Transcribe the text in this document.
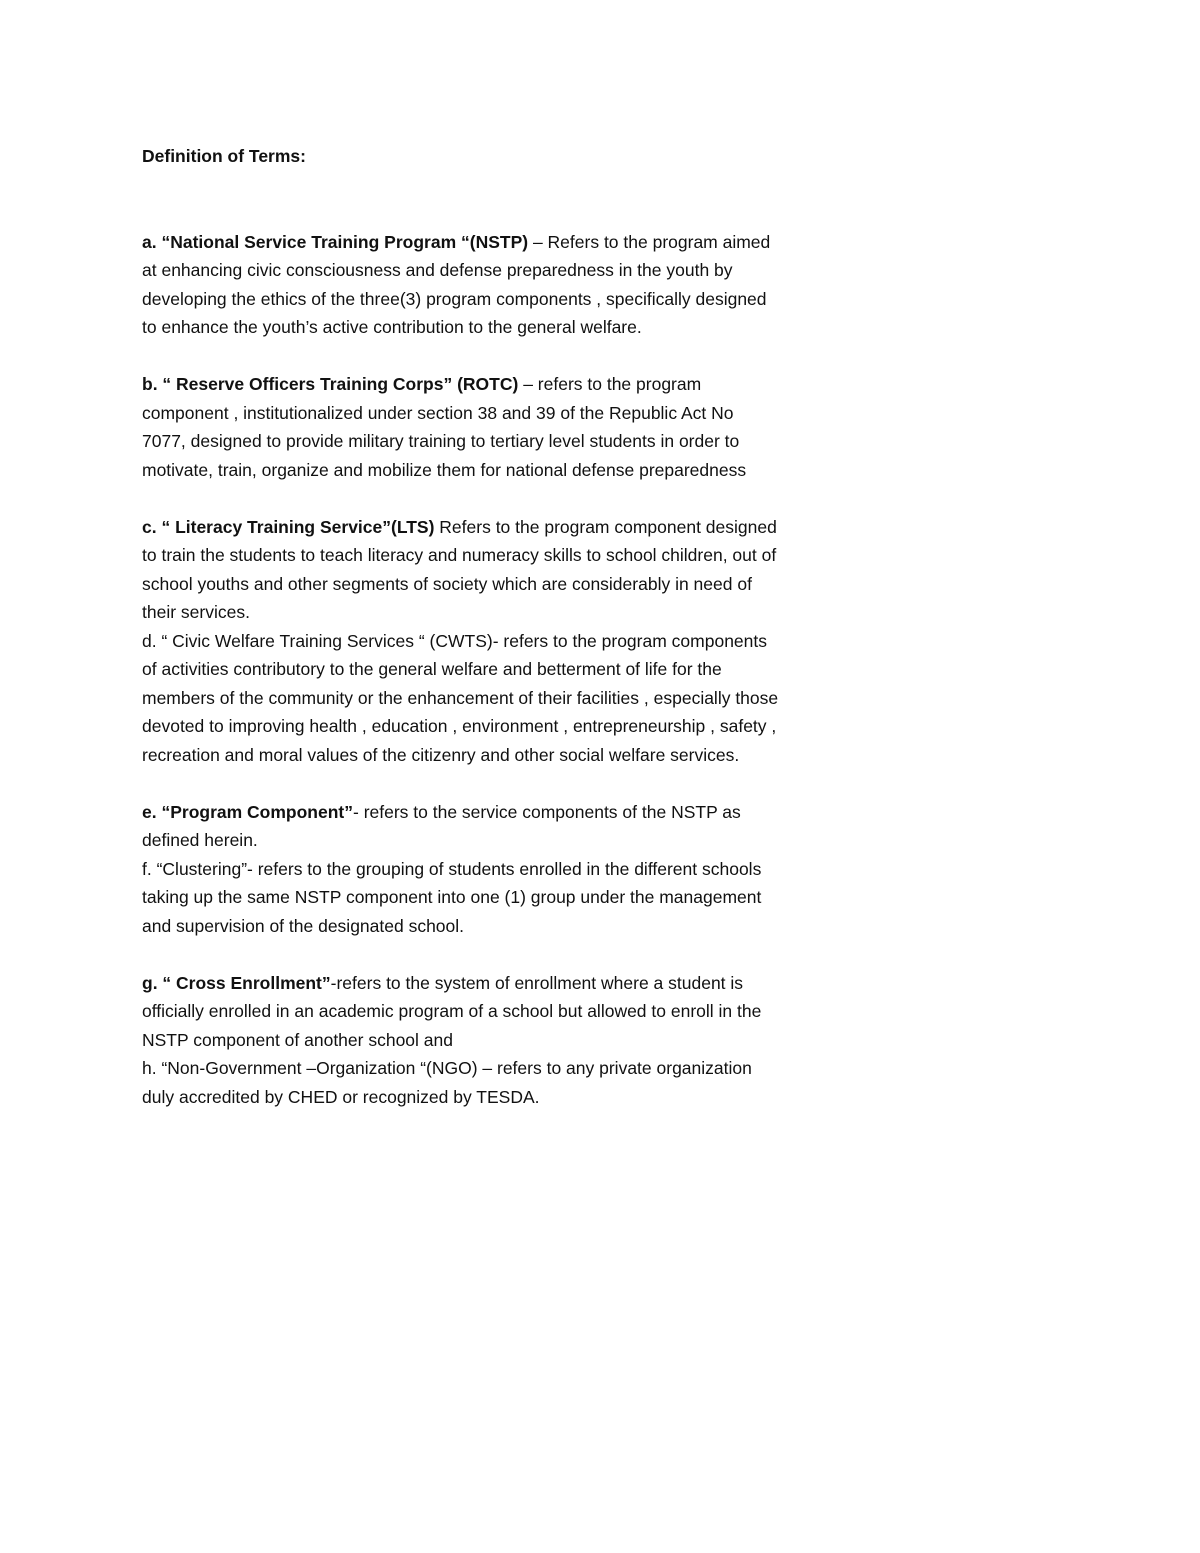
Definition of Terms:

a. “National Service Training Program “(NSTP) – Refers to the program aimed at enhancing civic consciousness and defense preparedness in the youth by developing the ethics of the three(3) program components , specifically designed to enhance the youth’s active contribution to the general welfare.

b. “ Reserve Officers Training Corps” (ROTC) – refers to the program component , institutionalized under section 38 and 39 of the Republic Act No 7077, designed to provide military training to tertiary level students in order to motivate, train, organize and mobilize them for national defense preparedness

c. “ Literacy Training Service”(LTS) Refers to the program component designed to train the students to teach literacy and numeracy skills to school children, out of school youths and other segments of society which are considerably in need of their services.

d. “ Civic Welfare Training Services “ (CWTS)- refers to the program components of activities contributory to the general welfare and betterment of life for the members of the community or the enhancement of their facilities , especially those devoted to improving health , education , environment , entrepreneurship , safety , recreation and moral values of the citizenry and other social welfare services.

e. “Program Component”- refers to the service components of the NSTP as defined herein.

f. “Clustering”- refers to the grouping of students enrolled in the different schools taking up the same NSTP component into one (1) group under the management and supervision of the designated school.

g. “ Cross Enrollment”-refers to the system of enrollment where a student is officially enrolled in an academic program of a school but allowed to enroll in the NSTP component of another school and

h. “Non-Government –Organization “(NGO) – refers to any private organization duly accredited by CHED or recognized by TESDA.
